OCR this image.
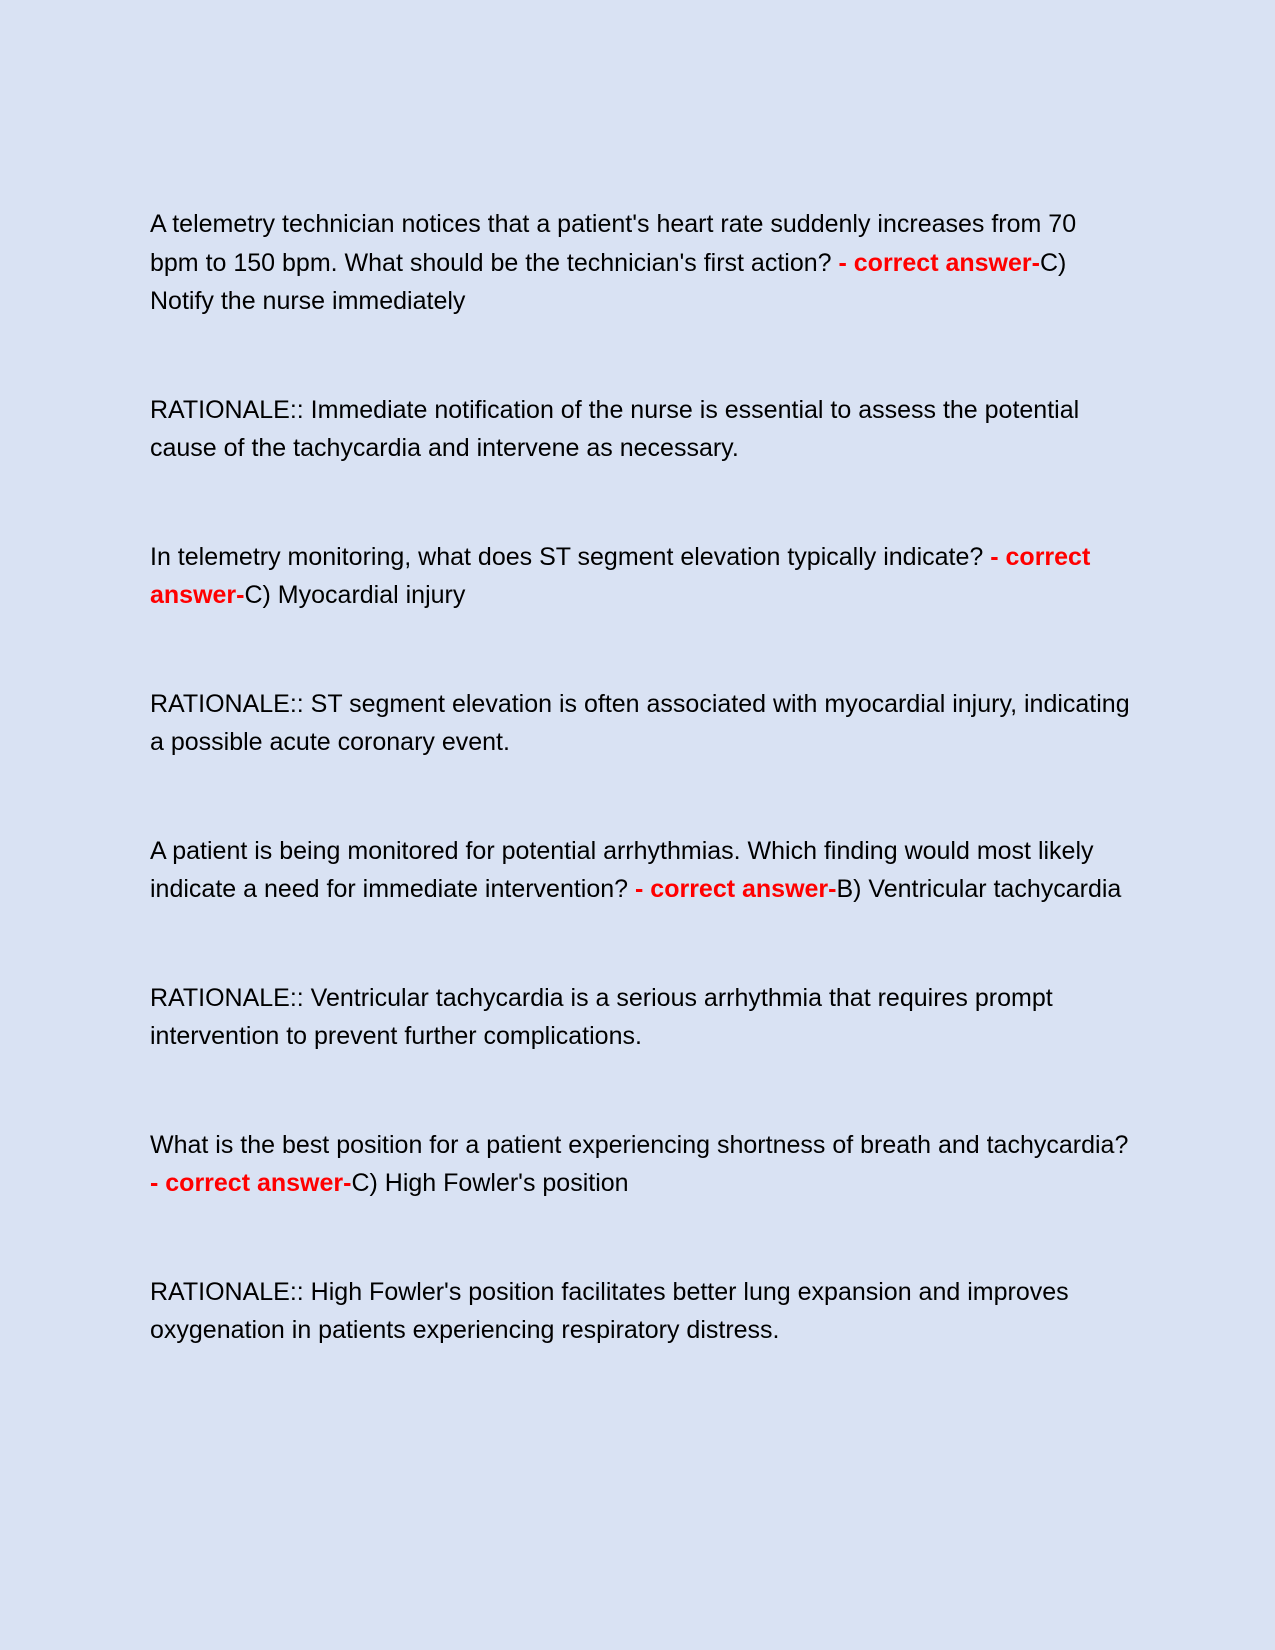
A telemetry technician notices that a patient's heart rate suddenly increases from 70 bpm to 150 bpm. What should be the technician's first action? - correct answer-C) Notify the nurse immediately

RATIONALE:: Immediate notification of the nurse is essential to assess the potential cause of the tachycardia and intervene as necessary.

In telemetry monitoring, what does ST segment elevation typically indicate? - correct answer-C) Myocardial injury

RATIONALE:: ST segment elevation is often associated with myocardial injury, indicating a possible acute coronary event.

A patient is being monitored for potential arrhythmias. Which finding would most likely indicate a need for immediate intervention? - correct answer-B) Ventricular tachycardia

RATIONALE:: Ventricular tachycardia is a serious arrhythmia that requires prompt intervention to prevent further complications.

What is the best position for a patient experiencing shortness of breath and tachycardia? - correct answer-C) High Fowler's position

RATIONALE:: High Fowler's position facilitates better lung expansion and improves oxygenation in patients experiencing respiratory distress.
